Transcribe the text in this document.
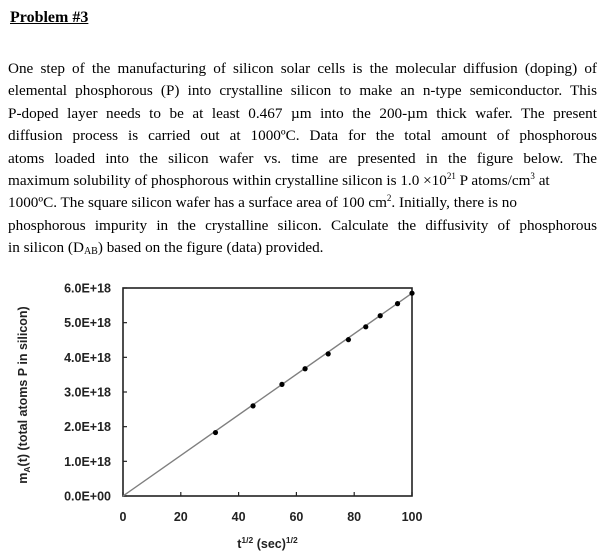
Problem #3
One step of the manufacturing of silicon solar cells is the molecular diffusion (doping) of
elemental phosphorous (P) into crystalline silicon to make an n-type semiconductor. This
P-doped layer needs to be at least 0.467 µm into the 200-µm thick wafer. The present
diffusion process is carried out at 1000ºC. Data for the total amount of phosphorous
atoms loaded into the silicon wafer vs. time are presented in the figure below. The
maximum solubility of phosphorous within crystalline silicon is $1.0 \times 10^{21}$ P atoms/$cm^3$ at
1000ºC. The square silicon wafer has a surface area of 100 $cm^2$. Initially, there is no
phosphorous impurity in the crystalline silicon. Calculate the diffusivity of phosphorous
in silicon $(D_{AB})$ based on the figure (data) provided.
$m_A(t)$ (total atoms P in silicon)
0.0E+00
1.0E+18
2.0E+18
3.0E+18
4.0E+18
5.0E+18
6.0E+18
0	20	40	60	80	100
$t^{1/2}$ $(\sec)^{1/2}$
